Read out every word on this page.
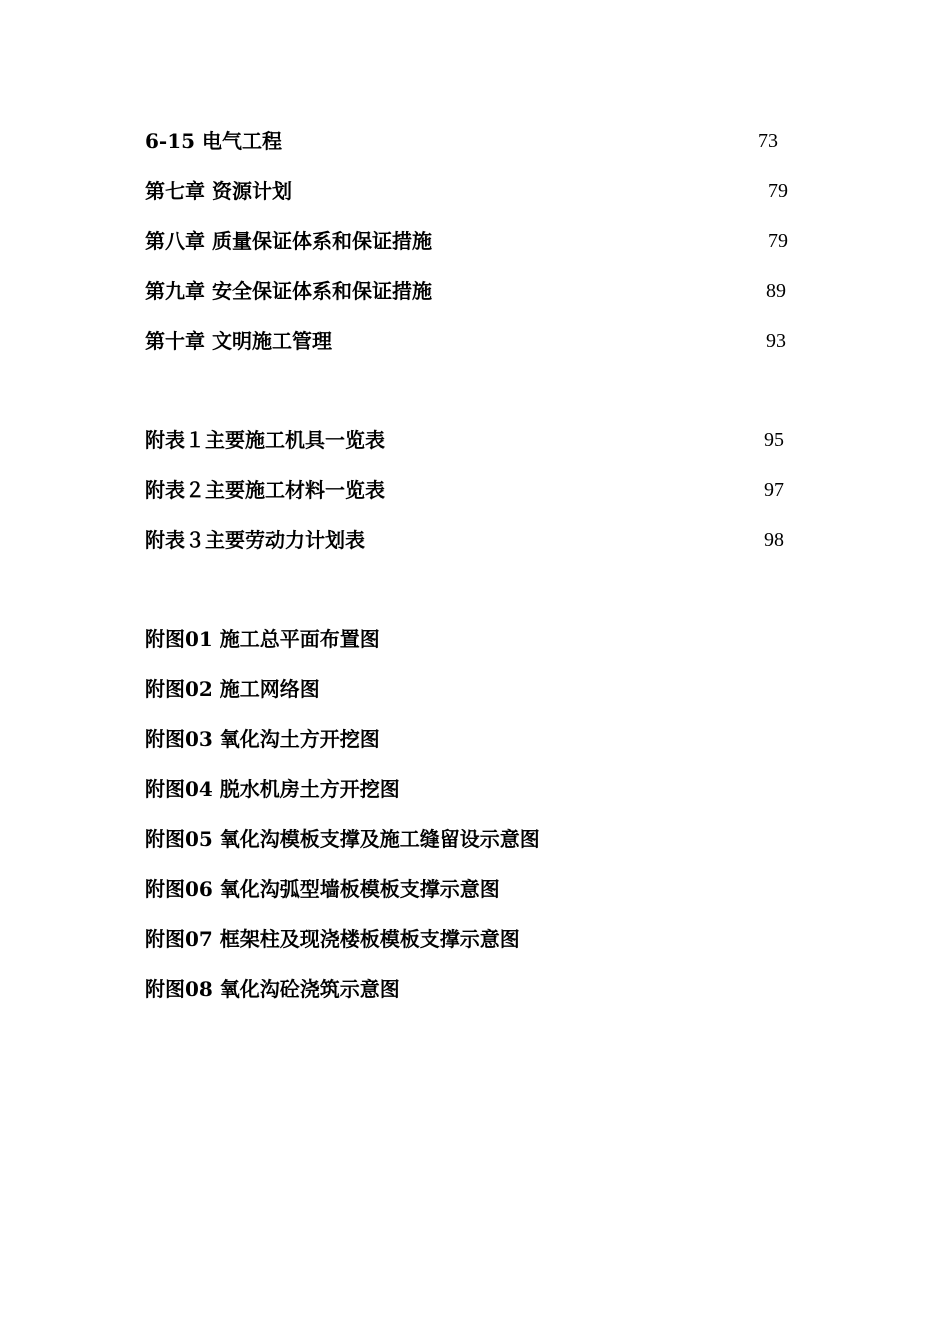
6-15 电气工程	73
第七章 资源计划	79
第八章 质量保证体系和保证措施	79
第九章 安全保证体系和保证措施	89
第十章 文明施工管理	93
附表１主要施工机具一览表	95
附表２主要施工材料一览表	97
附表３主要劳动力计划表	98
附图01 施工总平面布置图
附图02 施工网络图
附图03 氧化沟土方开挖图
附图04 脱水机房土方开挖图
附图05 氧化沟模板支撑及施工缝留设示意图
附图06 氧化沟弧型墙板模板支撑示意图
附图07 框架柱及现浇楼板模板支撑示意图
附图08 氧化沟砼浇筑示意图
